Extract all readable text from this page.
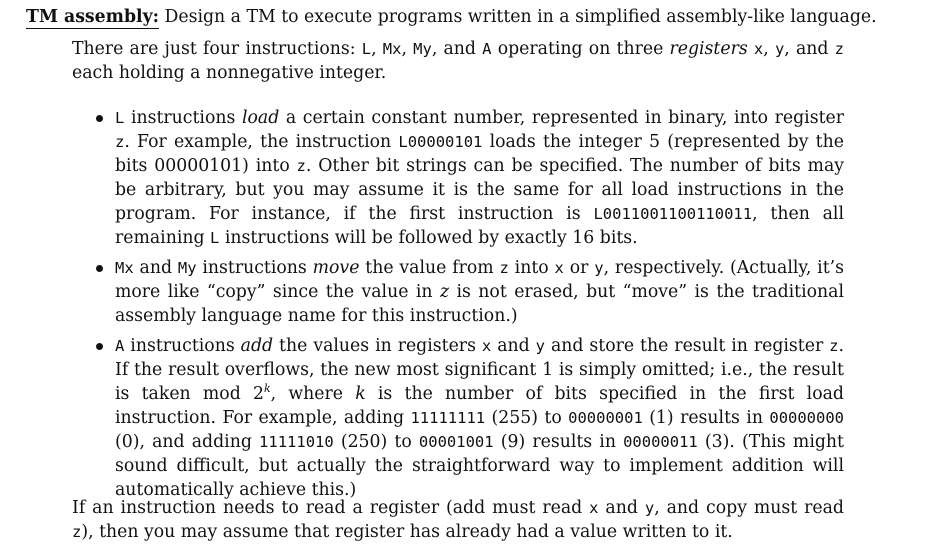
TM assembly: Design a TM to execute programs written in a simplified assembly-like language.
There are just four instructions: L, Mx, My, and A operating on three registers x, y, and z each holding a nonnegative integer.
L instructions load a certain constant number, represented in binary, into register z. For example, the instruction L00000101 loads the integer 5 (represented by the bits 00000101) into z. Other bit strings can be specified. The number of bits may be arbitrary, but you may assume it is the same for all load instructions in the program. For instance, if the first instruction is L0011001100110011, then all remaining L instructions will be followed by exactly 16 bits.
Mx and My instructions move the value from z into x or y, respectively. (Actually, it’s more like “copy” since the value in z is not erased, but “move” is the traditional assembly language name for this instruction.)
A instructions add the values in registers x and y and store the result in register z. If the result overflows, the new most significant 1 is simply omitted; i.e., the result is taken mod 2$^k$, where k is the number of bits specified in the first load instruction. For example, adding 11111111 (255) to 00000001 (1) results in 00000000 (0), and adding 11111010 (250) to 00001001 (9) results in 00000011 (3). (This might sound difficult, but actually the straightforward way to implement addition will automatically achieve this.)
If an instruction needs to read a register (add must read x and y, and copy must read z), then you may assume that register has already had a value written to it.
